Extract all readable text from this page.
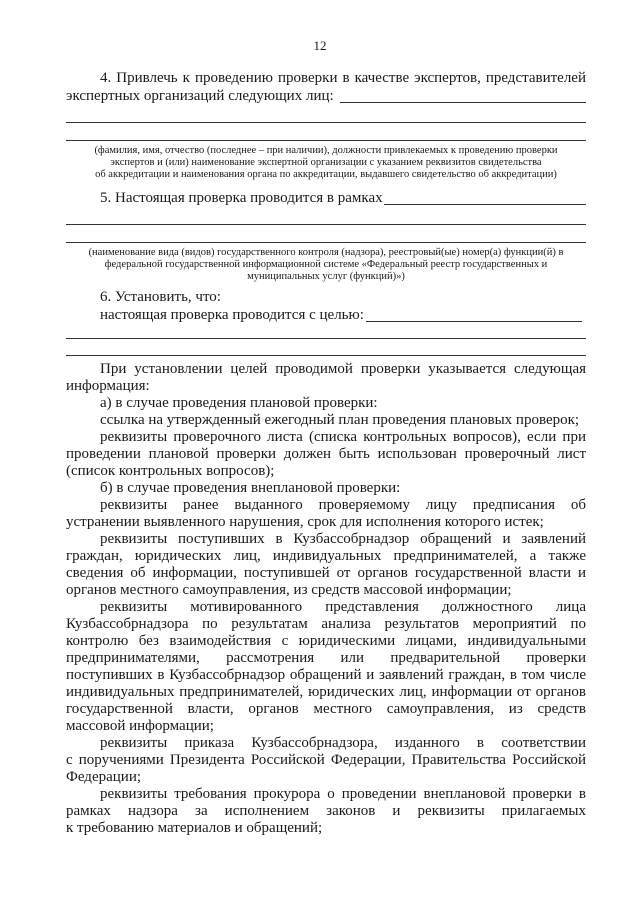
12
4. Привлечь к проведению проверки в качестве экспертов, представителей
экспертных организаций следующих лиц:
(фамилия, имя, отчество (последнее – при наличии), должности привлекаемых к проведению проверки
экспертов и (или) наименование экспертной организации с указанием реквизитов свидетельства
об аккредитации и наименования органа по аккредитации, выдавшего свидетельство об аккредитации)
5. Настоящая проверка проводится в рамках
(наименование вида (видов) государственного контроля (надзора), реестровый(ые) номер(а) функции(й) в
федеральной государственной информационной системе «Федеральный реестр государственных и
муниципальных услуг (функций)»)
6. Установить, что:
настоящая проверка проводится с целью:
При установлении целей проводимой проверки указывается следующая
информация:
а) в случае проведения плановой проверки:
ссылка на утвержденный ежегодный план проведения плановых проверок;
реквизиты проверочного листа (списка контрольных вопросов), если при
проведении плановой проверки должен быть использован проверочный лист
(список контрольных вопросов);
б) в случае проведения внеплановой проверки:
реквизиты ранее выданного проверяемому лицу предписания об
устранении выявленного нарушения, срок для исполнения которого истек;
реквизиты поступивших в Кузбассобрнадзор обращений и заявлений
граждан, юридических лиц, индивидуальных предпринимателей, а также
сведения об информации, поступившей от органов государственной власти и
органов местного самоуправления, из средств массовой информации;
реквизиты мотивированного представления должностного лица
Кузбассобрнадзора по результатам анализа результатов мероприятий по
контролю без взаимодействия с юридическими лицами, индивидуальными
предпринимателями, рассмотрения или предварительной проверки
поступивших в Кузбассобрнадзор обращений и заявлений граждан, в том числе
индивидуальных предпринимателей, юридических лиц, информации от органов
государственной власти, органов местного самоуправления, из средств
массовой информации;
реквизиты приказа Кузбассобрнадзора, изданного в соответствии
с поручениями Президента Российской Федерации, Правительства Российской
Федерации;
реквизиты требования прокурора о проведении внеплановой проверки в
рамках надзора за исполнением законов и реквизиты прилагаемых
к требованию материалов и обращений;
